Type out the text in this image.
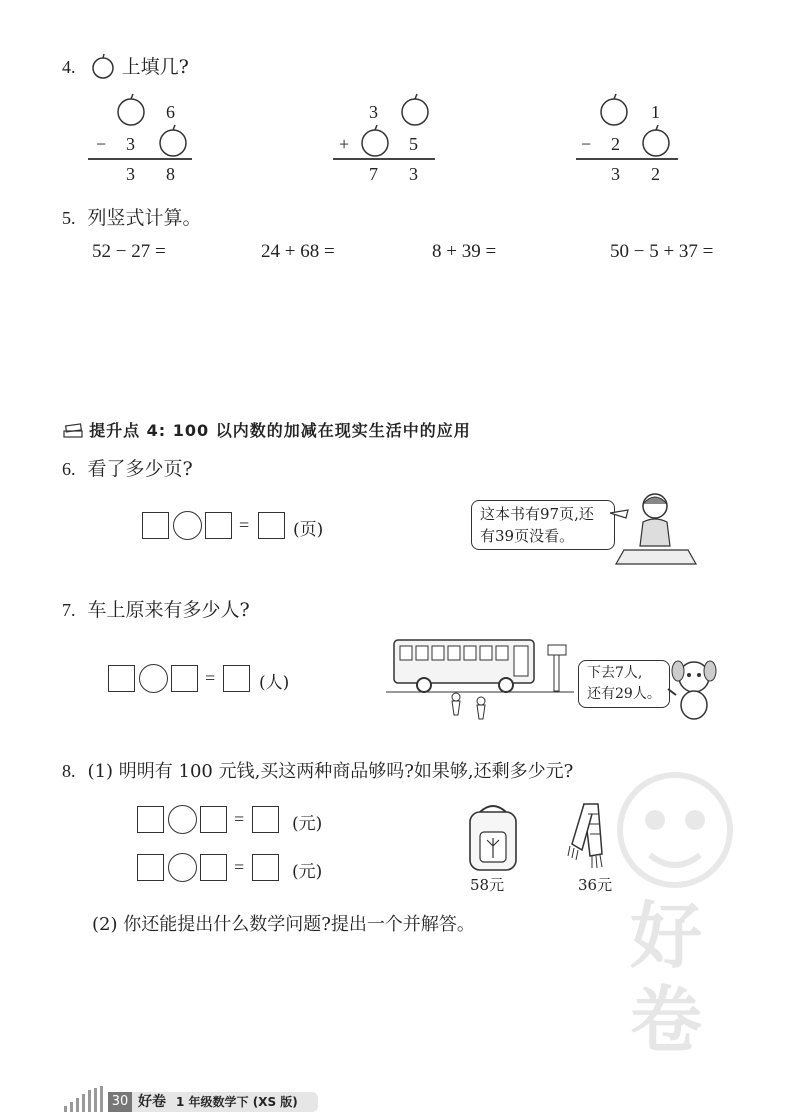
好卷
4. 上填几?
6
− 3
3 8
3
+	5
7 3
1
− 2
3 2
5. 列竖式计算。
52 − 27 =	24 + 68 =	8 + 39 =	50 − 5 + 37 =
提升点 4: 100 以内数的加减在现实生活中的应用
6. 看了多少页?
=	(页)
这本书有97页,还
有39页没看。
7. 车上原来有多少人?
=	(人)	下去7人,
还有29人。
8. (1) 明明有 100 元钱,买这两种商品够吗?如果够,还剩多少元?
=	(元)
=	(元)
58元	36元
(2) 你还能提出什么数学问题?提出一个并解答。
30 好卷 1 年级数学下 (XS 版)
